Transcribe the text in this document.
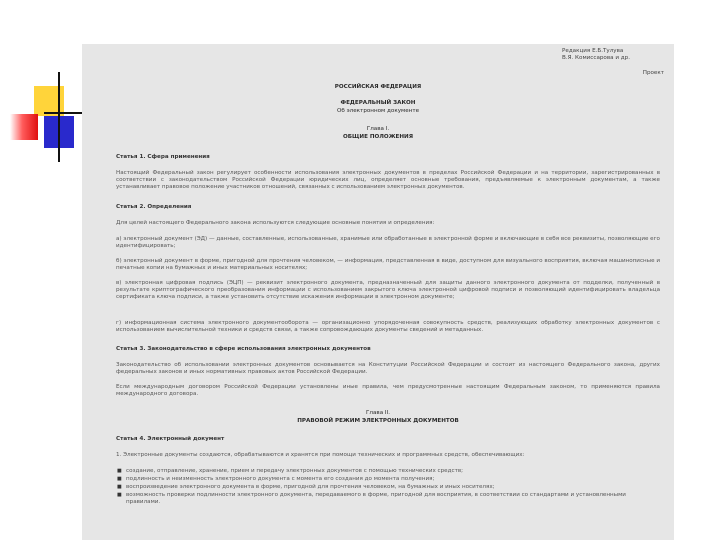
Редакция Е.Б.Тулува
В.Я. Комиссарова и др.
Проект
РОССИЙСКАЯ ФЕДЕРАЦИЯ
ФЕДЕРАЛЬНЫЙ ЗАКОН
Об электронном документе
Глава I.
ОБЩИЕ ПОЛОЖЕНИЯ
Статья 1. Сфера применения
Настоящий Федеральный закон регулирует особенности использования электронных документов в пределах Российской Федерации и на территории, зарегистрированных в соответствии с законодательством Российской Федерации юридических лиц, определяет основные требования, предъявляемые к электронным документам, а также устанавливает правовое положение участников отношений, связанных с использованием электронных документов.
Статья 2. Определения
Для целей настоящего Федерального закона используются следующие основные понятия и определения:
а) электронный документ (ЭД) — данные, составленные, использованные, хранимые или обработанные в электронной форме и включающие в себя все реквизиты, позволяющие его идентифицировать;
б) электронный документ в форме, пригодной для прочтения человеком, — информация, представленная в виде, доступном для визуального восприятия, включая машинописные и печатные копии на бумажных и иных материальных носителях;
в) электронная цифровая подпись (ЭЦП) — реквизит электронного документа, предназначенный для защиты данного электронного документа от подделки, полученный в результате криптографического преобразования информации с использованием закрытого ключа электронной цифровой подписи и позволяющий идентифицировать владельца сертификата ключа подписи, а также установить отсутствие искажения информации в электронном документе;
г) информационная система электронного документооборота — организационно упорядоченная совокупность средств, реализующих обработку электронных документов с использованием вычислительной техники и средств связи, а также сопровождающих документы сведений и метаданных.
Статья 3. Законодательство в сфере использования электронных документов
Законодательство об использовании электронных документов основывается на Конституции Российской Федерации и состоит из настоящего Федерального закона, других федеральных законов и иных нормативных правовых актов Российской Федерации.
Если международным договором Российской Федерации установлены иные правила, чем предусмотренные настоящим Федеральным законом, то применяются правила международного договора.
Глава II.
ПРАВОВОЙ РЕЖИМ ЭЛЕКТРОННЫХ ДОКУМЕНТОВ
Статья 4. Электронный документ
1. Электронные документы создаются, обрабатываются и хранятся при помощи технических и программных средств, обеспечивающих:
■ создание, отправление, хранение, прием и передачу электронных документов с помощью технических средств;
■ подлинность и неизменность электронного документа с момента его создания до момента получения;
■ воспроизведение электронного документа в форме, пригодной для прочтения человеком, на бумажных и иных носителях;
■ возможность проверки подлинности электронного документа, передаваемого в форме, пригодной для восприятия, в соответствии со стандартами и установленными правилами.
